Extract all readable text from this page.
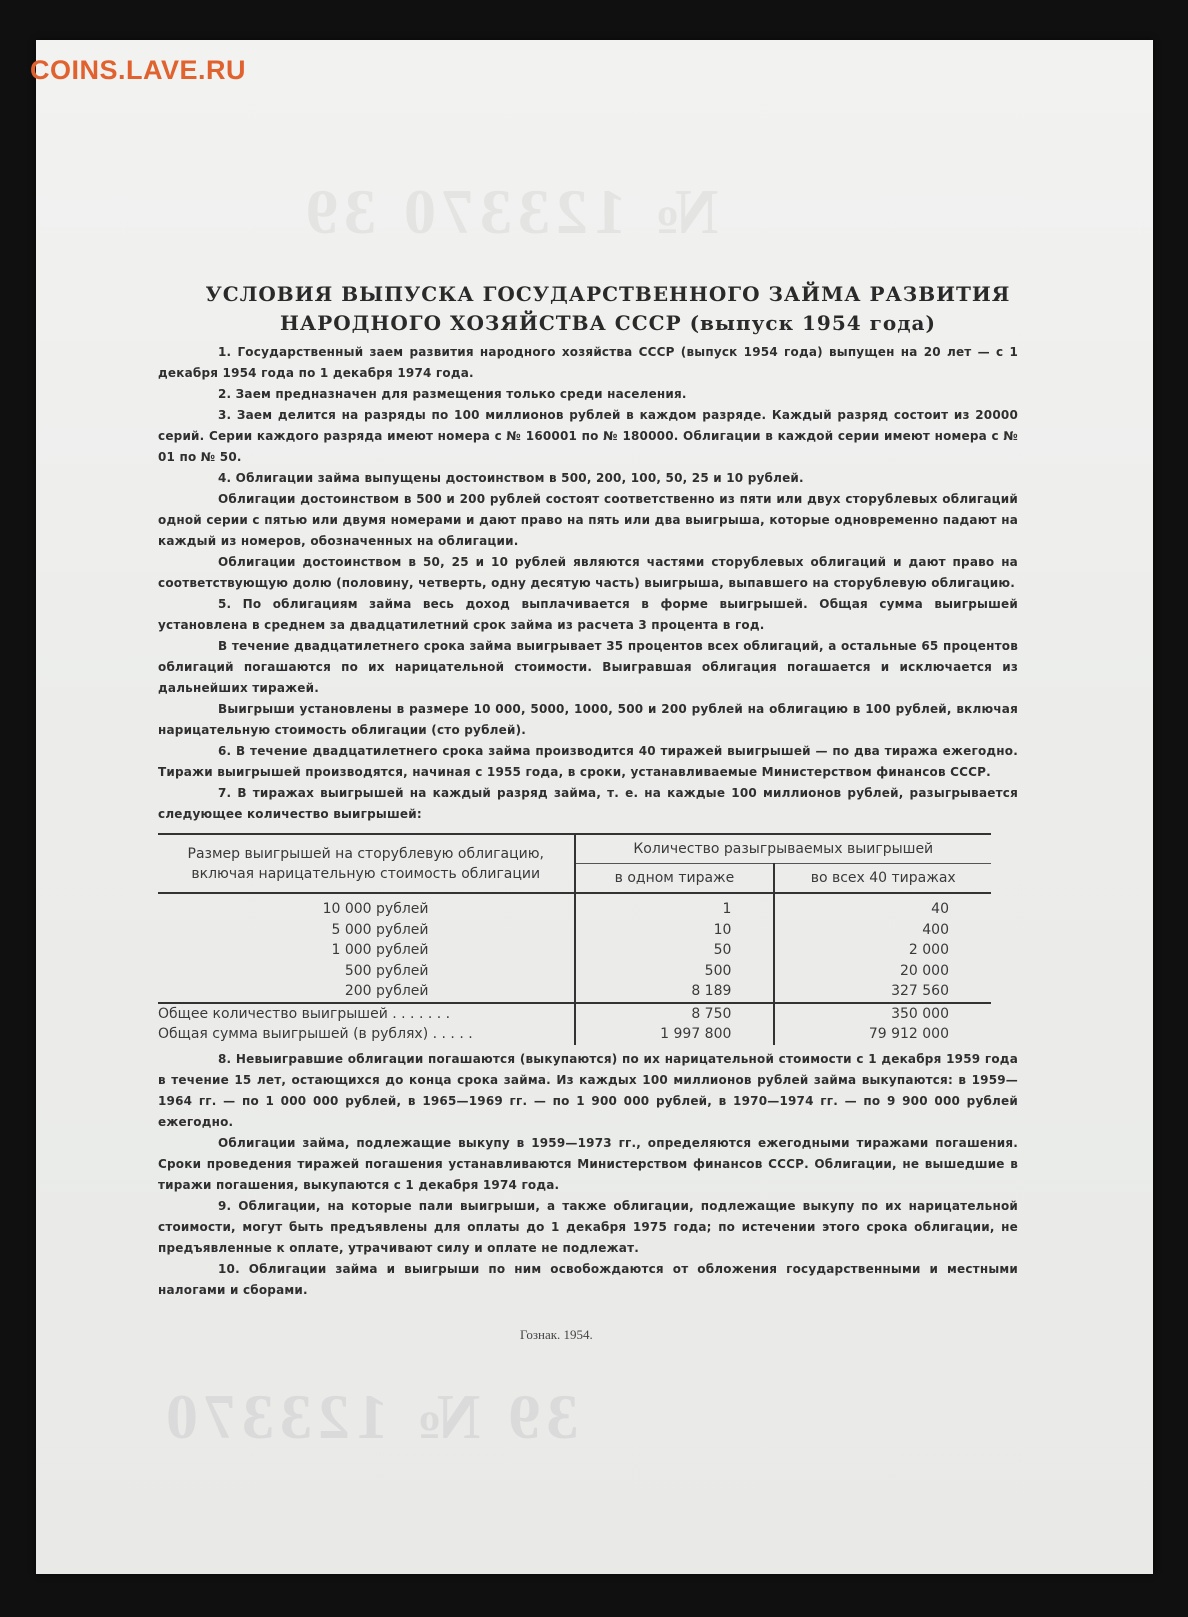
COINS.LAVE.RU
№ 123370 39
39 № 123370
УСЛОВИЯ ВЫПУСКА ГОСУДАРСТВЕННОГО ЗАЙМА РАЗВИТИЯ
НАРОДНОГО ХОЗЯЙСТВА СССР (выпуск 1954 года)

1. Государственный заем развития народного хозяйства СССР (выпуск 1954 года) выпущен на 20 лет — с 1 декабря 1954 года по 1 декабря 1974 года.

2. Заем предназначен для размещения только среди населения.

3. Заем делится на разряды по 100 миллионов рублей в каждом разряде. Каждый разряд состоит из 20000 серий. Серии каждого разряда имеют номера с № 160001 по № 180000. Облигации в каждой серии имеют номера с № 01 по № 50.

4. Облигации займа выпущены достоинством в 500, 200, 100, 50, 25 и 10 рублей.

Облигации достоинством в 500 и 200 рублей состоят соответственно из пяти или двух сторублевых облигаций одной серии с пятью или двумя номерами и дают право на пять или два выигрыша, которые одновременно падают на каждый из номеров, обозначенных на облигации.

Облигации достоинством в 50, 25 и 10 рублей являются частями сторублевых облигаций и дают право на соответствующую долю (половину, четверть, одну десятую часть) выигрыша, выпавшего на сторублевую облигацию.

5. По облигациям займа весь доход выплачивается в форме выигрышей. Общая сумма выигрышей установлена в среднем за двадцатилетний срок займа из расчета 3 процента в год.

В течение двадцатилетнего срока займа выигрывает 35 процентов всех облигаций, а остальные 65 процентов облигаций погашаются по их нарицательной стоимости. Выигравшая облигация погашается и исключается из дальнейших тиражей.

Выигрыши установлены в размере 10 000, 5000, 1000, 500 и 200 рублей на облигацию в 100 рублей, включая нарицательную стоимость облигации (сто рублей).

6. В течение двадцатилетнего срока займа производится 40 тиражей выигрышей — по два тиража ежегодно. Тиражи выигрышей производятся, начиная с 1955 года, в сроки, устанавливаемые Министерством финансов СССР.

7. В тиражах выигрышей на каждый разряд займа, т. е. на каждые 100 миллионов рублей, разыгрывается следующее количество выигрышей:

Размер выигрышей на сторублевую облигацию, включая нарицательную стоимость облигации	Количество разыгрываемых выигрышей	
	в одном тираже	во всех 40 тиражах

10 000 рублей	1	40
5 000 рублей	10	400
1 000 рублей	50	2 000
500 рублей	500	20 000
200 рублей	8 189	327 560
Общее количество выигрышей . . . . . . .	8 750	350 000
Общая сумма выигрышей (в рублях) . . . . .	1 997 800	79 912 000

8. Невыигравшие облигации погашаются (выкупаются) по их нарицательной стоимости с 1 декабря 1959 года в течение 15 лет, остающихся до конца срока займа. Из каждых 100 миллионов рублей займа выкупаются: в 1959—1964 гг. — по 1 000 000 рублей, в 1965—1969 гг. — по 1 900 000 рублей, в 1970—1974 гг. — по 9 900 000 рублей ежегодно.

Облигации займа, подлежащие выкупу в 1959—1973 гг., определяются ежегодными тиражами погашения. Сроки проведения тиражей погашения устанавливаются Министерством финансов СССР. Облигации, не вышедшие в тиражи погашения, выкупаются с 1 декабря 1974 года.

9. Облигации, на которые пали выигрыши, а также облигации, подлежащие выкупу по их нарицательной стоимости, могут быть предъявлены для оплаты до 1 декабря 1975 года; по истечении этого срока облигации, не предъявленные к оплате, утрачивают силу и оплате не подлежат.

10. Облигации займа и выигрыши по ним освобождаются от обложения государственными и местными налогами и сборами.

Гознак. 1954.
